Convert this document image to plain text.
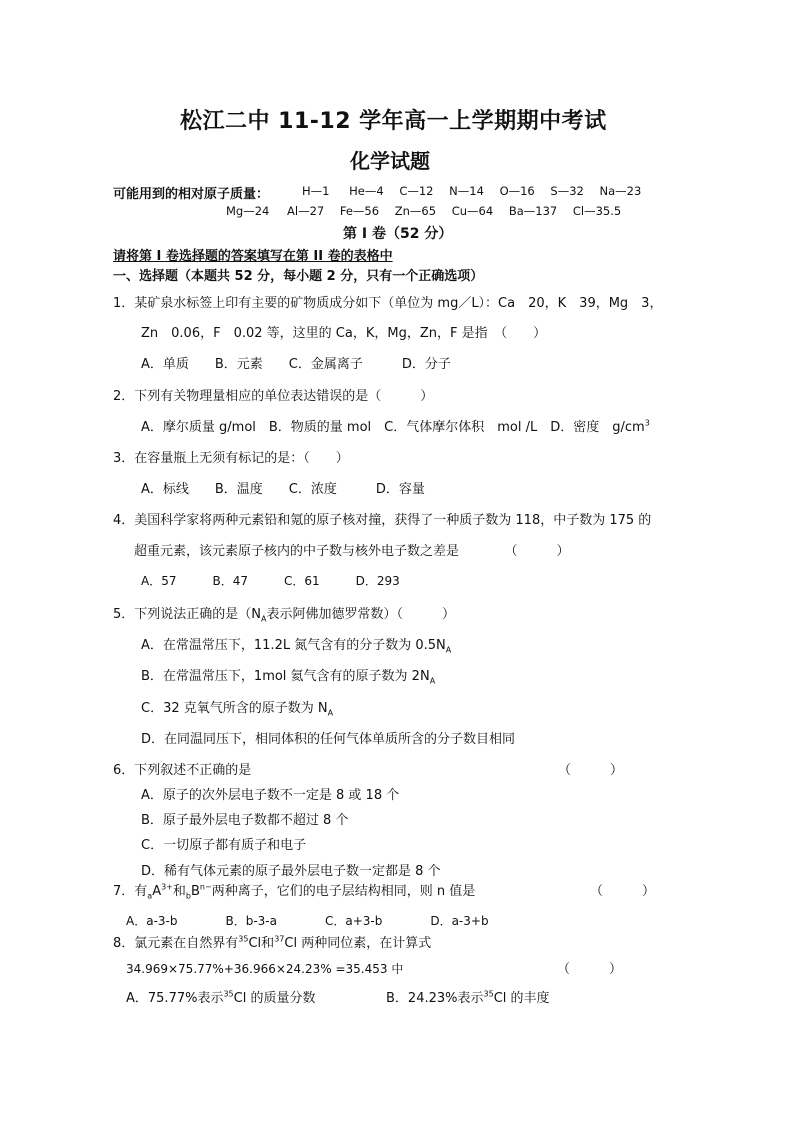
松江二中 11-12 学年高一上学期期中考试
化学试题
可能用到的相对原子质量：	H—1 He—4 C—12 N—14 O—16 S—32 Na—23
Mg—24 Al—27 Fe—56 Zn—65 Cu—64 Ba—137 Cl—35.5
第 I 卷（52 分）
请将第 I 卷选择题的答案填写在第 II 卷的表格中
一、选择题（本题共 52 分，每小题 2 分，只有一个正确选项）
1．某矿泉水标签上印有主要的矿物质成分如下（单位为 mg／L）：Ca　20，K　39，Mg　3，
Zn　0.06，F　0.02 等，这里的 Ca，K，Mg，Zn，F 是指　（　　）
A．单质　　B．元素　　C．金属离子　　　D．分子
2．下列有关物理量相应的单位表达错误的是（　　　）
A．摩尔质量 g/mol　B．物质的量 mol　C．气体摩尔体积　mol /L　D．密度　$g/cm^3$
3．在容量瓶上无须有标记的是：（　　）
A．标线　　B．温度　　C．浓度　　　D．容量
4．美国科学家将两种元素铅和氪的原子核对撞，获得了一种质子数为 118，中子数为 175 的
超重元素，该元素原子核内的中子数与核外电子数之差是　　　　（　　　）
A．57　　　B．47　　　C．61　　　D．293
5．下列说法正确的是（$N_A$表示阿佛加德罗常数）（　　　）
A．在常温常压下，11.2L 氮气含有的分子数为 $0.5N_A$
B．在常温常压下，1mol 氦气含有的原子数为 $2N_A$
C．32 克氧气所含的原子数为 $N_A$
D．在同温同压下，相同体积的任何气体单质所含的分子数目相同
6．下列叙述不正确的是	（　　　）
A．原子的次外层电子数不一定是 8 或 18 个
B．原子最外层电子数都不超过 8 个
C．一切原子都有质子和电子
D．稀有气体元素的原子最外层电子数一定都是 8 个
7．有$_aA^{3+}$和$_bB^{n-}$两种离子，它们的电子层结构相同，则 n 值是	（　　　）
A．a-3-b　　　　B．b-3-a　　　　C．a+3-b　　　　D．a-3+b
8．氯元素在自然界有$^{35}$Cl和$^{37}$Cl 两种同位素，在计算式
34.969×75.77%+36.966×24.23% =35.453 中	（　　　）
A．75.77%表示$^{35}$Cl 的质量分数	B．24.23%表示$^{35}$Cl 的丰度
